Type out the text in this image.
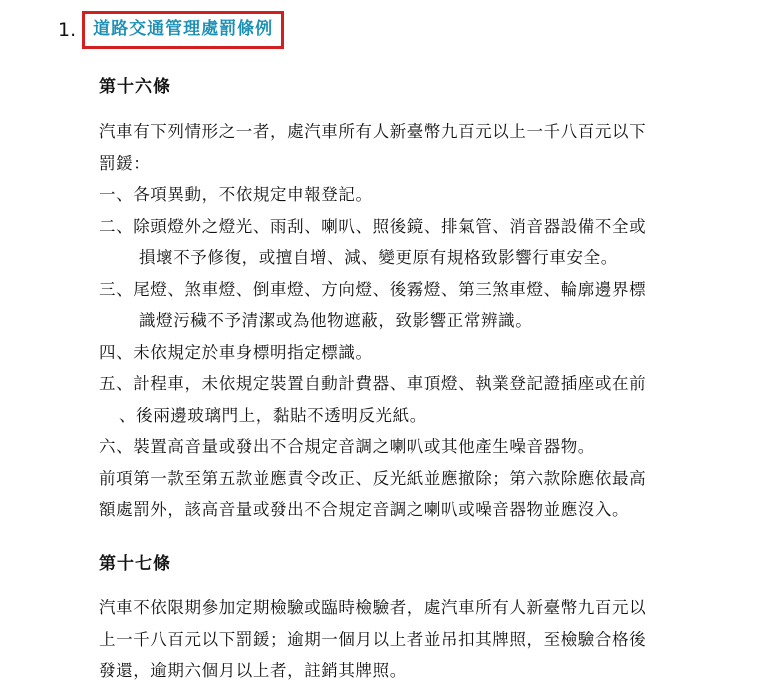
1.	道路交通管理處罰條例
第十六條
汽車有下列情形之一者，處汽車所有人新臺幣九百元以上一千八百元以下
罰鍰：
一、各項異動，不依規定申報登記。
二、除頭燈外之燈光、雨刮、喇叭、照後鏡、排氣管、消音器設備不全或
損壞不予修復，或擅自增、減、變更原有規格致影響行車安全。
三、尾燈、煞車燈、倒車燈、方向燈、後霧燈、第三煞車燈、輪廓邊界標
識燈污穢不予清潔或為他物遮蔽，致影響正常辨識。
四、未依規定於車身標明指定標識。
五、計程車，未依規定裝置自動計費器、車頂燈、執業登記證插座或在前
、後兩邊玻璃門上，黏貼不透明反光紙。
六、裝置高音量或發出不合規定音調之喇叭或其他產生噪音器物。
前項第一款至第五款並應責令改正、反光紙並應撤除；第六款除應依最高
額處罰外，該高音量或發出不合規定音調之喇叭或噪音器物並應沒入。
第十七條
汽車不依限期參加定期檢驗或臨時檢驗者，處汽車所有人新臺幣九百元以
上一千八百元以下罰鍰；逾期一個月以上者並吊扣其牌照，至檢驗合格後
發還，逾期六個月以上者，註銷其牌照。
